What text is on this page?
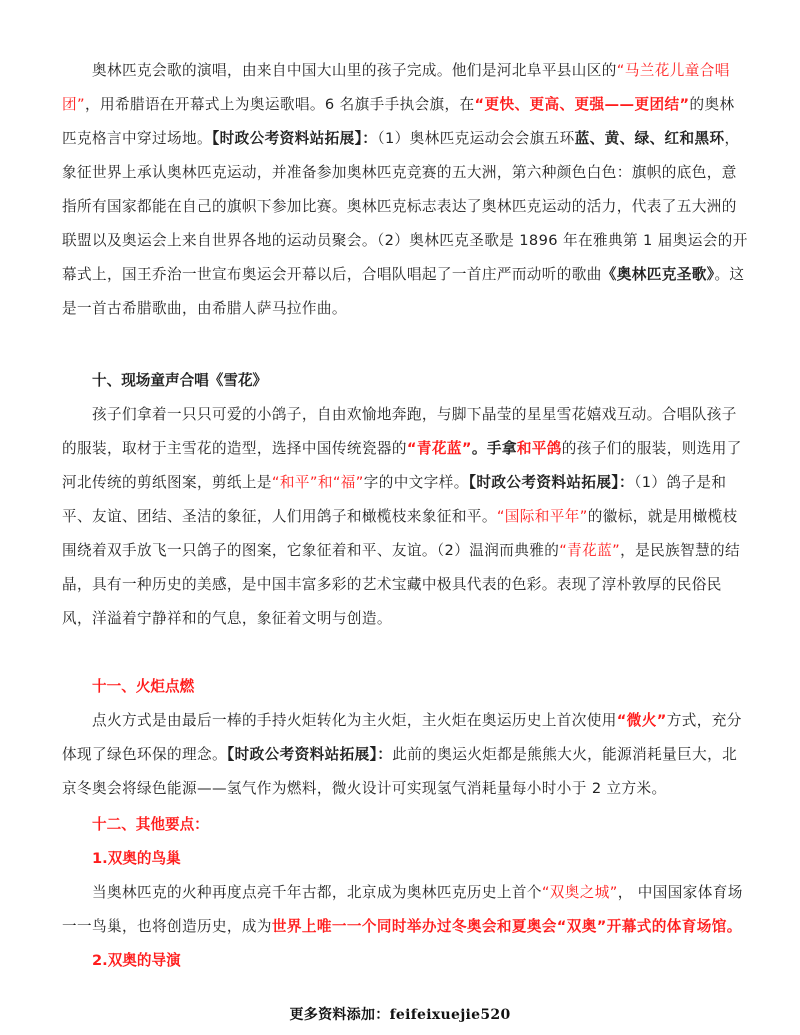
奥林匹克会歌的演唱，由来自中国大山里的孩子完成。他们是河北阜平县山区的“马兰花儿童合唱团”，用希腊语在开幕式上为奥运歌唱。6 名旗手手执会旗，在“更快、更高、更强——更团结”的奥林匹克格言中穿过场地。【时政公考资料站拓展】：（1）奥林匹克运动会会旗五环蓝、黄、绿、红和黑环，象征世界上承认奥林匹克运动，并准备参加奥林匹克竞赛的五大洲，第六种颜色白色：旗帜的底色，意指所有国家都能在自己的旗帜下参加比赛。奥林匹克标志表达了奥林匹克运动的活力，代表了五大洲的联盟以及奥运会上来自世界各地的运动员聚会。（2）奥林匹克圣歌是 1896 年在雅典第 1 届奥运会的开幕式上，国王乔治一世宣布奥运会开幕以后，合唱队唱起了一首庄严而动听的歌曲《奥林匹克圣歌》。这是一首古希腊歌曲，由希腊人萨马拉作曲。

十、现场童声合唱《雪花》

孩子们拿着一只只可爱的小鸽子，自由欢愉地奔跑，与脚下晶莹的星星雪花嬉戏互动。合唱队孩子的服装，取材于主雪花的造型，选择中国传统瓷器的“青花蓝”。手拿和平鸽的孩子们的服装，则选用了河北传统的剪纸图案，剪纸上是“和平”和“福”字的中文字样。【时政公考资料站拓展】：（1）鸽子是和平、友谊、团结、圣洁的象征，人们用鸽子和橄榄枝来象征和平。“国际和平年”的徽标，就是用橄榄枝围绕着双手放飞一只鸽子的图案，它象征着和平、友谊。（2）温润而典雅的“青花蓝”，是民族智慧的结晶，具有一种历史的美感，是中国丰富多彩的艺术宝藏中极具代表的色彩。表现了淳朴敦厚的民俗民风，洋溢着宁静祥和的气息，象征着文明与创造。

十一、火炬点燃

点火方式是由最后一棒的手持火炬转化为主火炬，主火炬在奥运历史上首次使用“微火”方式，充分体现了绿色环保的理念。【时政公考资料站拓展】：此前的奥运火炬都是熊熊大火，能源消耗量巨大，北京冬奥会将绿色能源——氢气作为燃料，微火设计可实现氢气消耗量每小时小于 2 立方米。

十二、其他要点：
1.双奥的鸟巢

当奥林匹克的火种再度点亮千年古都，北京成为奥林匹克历史上首个“双奥之城”， 中国国家体育场一一鸟巢，也将创造历史，成为世界上唯一一个同时举办过冬奥会和夏奥会“双奥”开幕式的体育场馆。

2.双奥的导演
更多资料添加：feifeixuejie520
